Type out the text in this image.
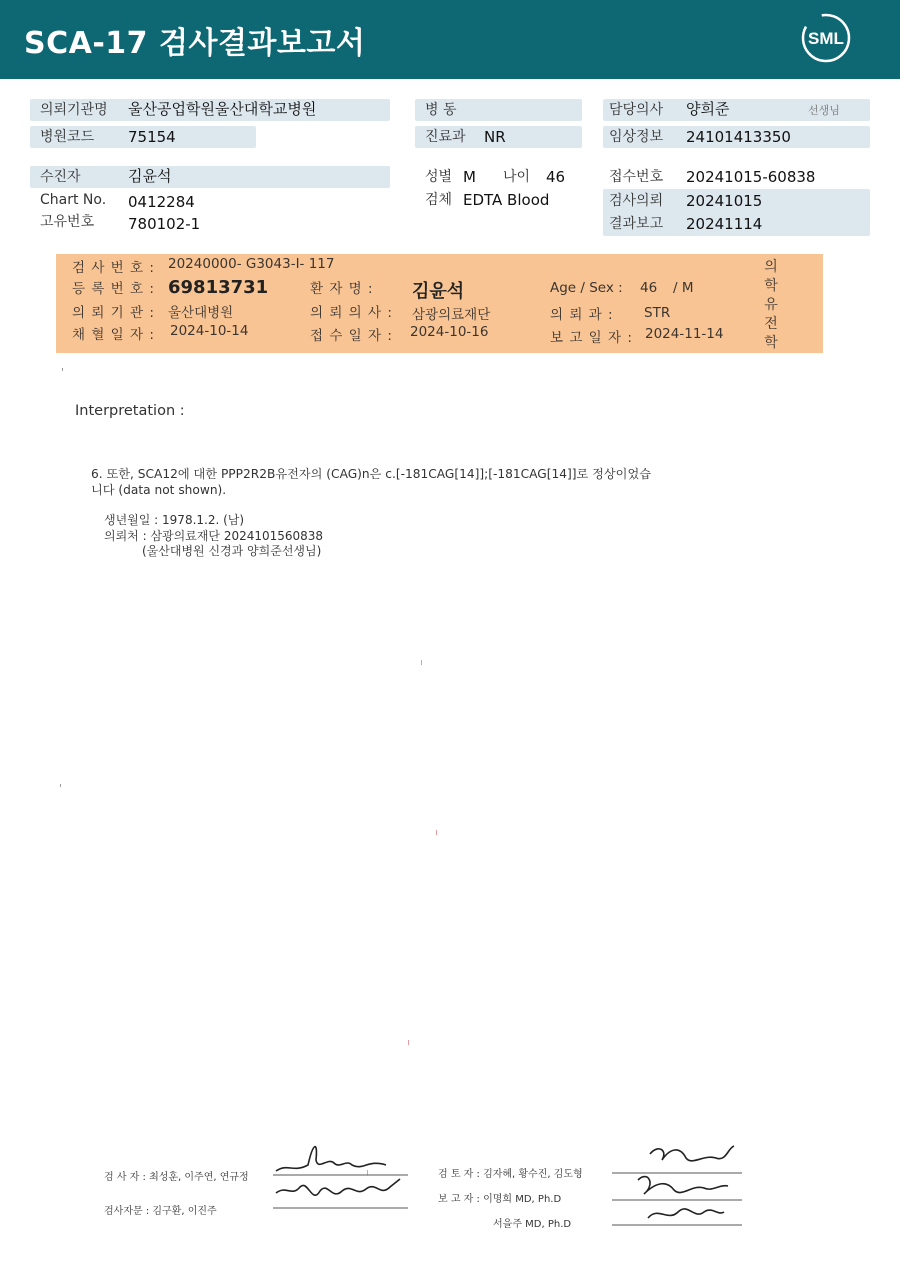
SCA-17 검사결과보고서	SML
의뢰기관명 울산공업학원울산대학교병원
병원코드 75154
병 동
진료과 NR
담당의사 양희준	선생님
임상정보 24101413350
수진자	김윤석
Chart No. 0412284
고유번호 780102-1
성별 M 나이 46
검체 EDTA Blood
접수번호 20241015-60838
검사의뢰 20241015
결과보고 20241114
검 사 번 호 : 20240000- G3043-I- 117
등 록 번 호 : 69813731	환 자 명 : 김윤석	Age / Sex : 46 / M
의 뢰 기 관 : 울산대병원	의 뢰 의 사 : 삼광의료재단	의 뢰 과 : STR
채 혈 일 자 : 2024-10-14	접 수 일 자 : 2024-10-16	보 고 일 자 : 2024-11-14
의
학
유
전
학
Interpretation :
6. 또한, SCA12에 대한 PPP2R2B유전자의 (CAG)n은 c.[-181CAG[14]];[-181CAG[14]]로 정상이었습
니다 (data not shown).
생년월일 : 1978.1.2. (남)
의뢰처 : 삼광의료재단 2024101560838
(울산대병원 신경과 양희준선생님)
검 사 자 : 최성훈, 이주연, 연규정
검사자문 : 김구환, 이진주
검 토 자 : 김자혜, 황수진, 김도형
보 고 자 : 이명희 MD, Ph.D
서을주 MD, Ph.D
